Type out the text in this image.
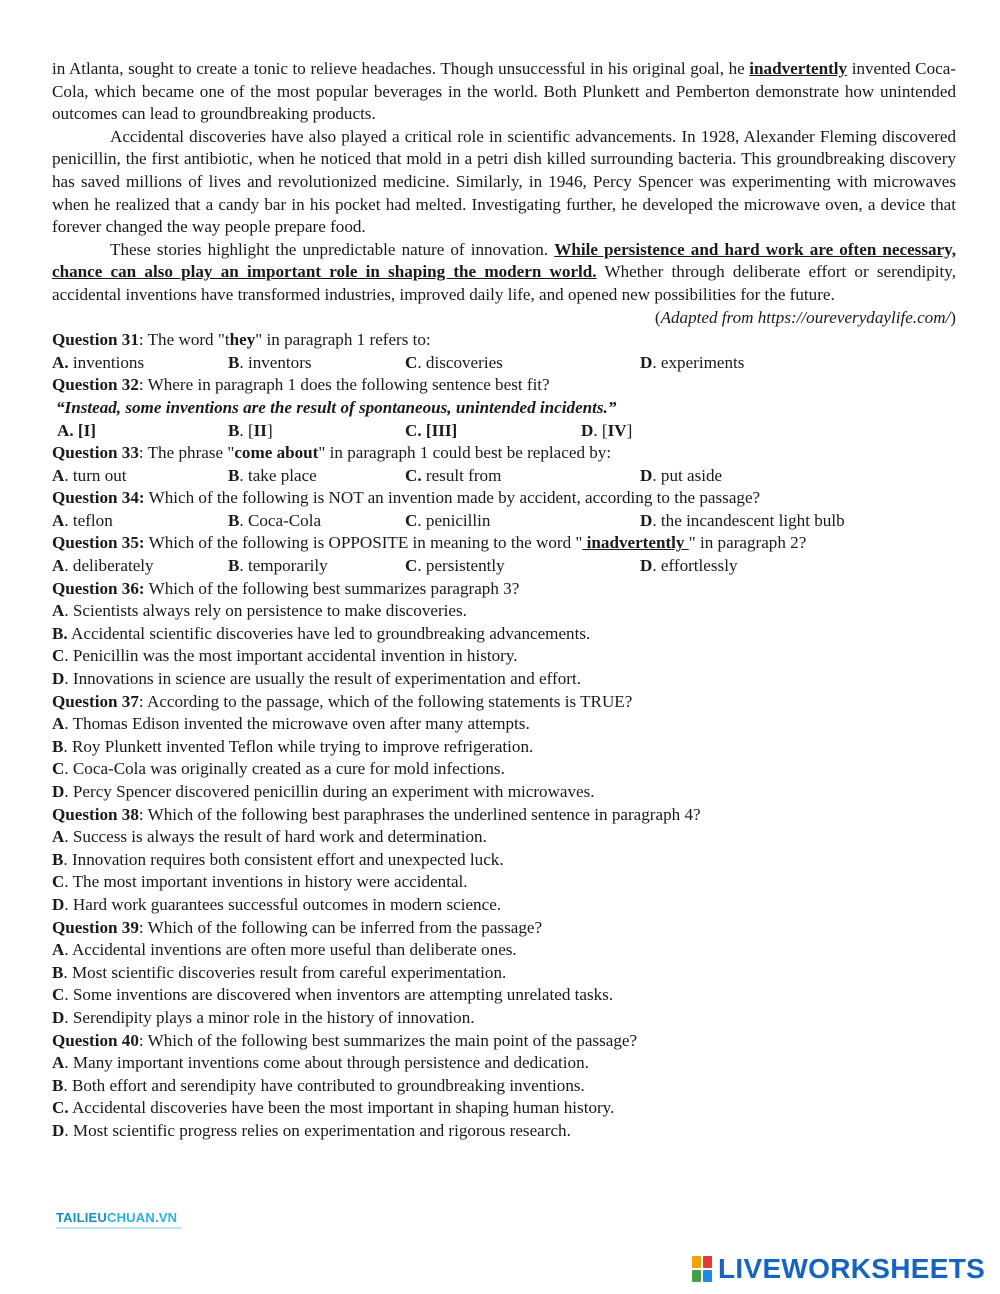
in Atlanta, sought to create a tonic to relieve headaches. Though unsuccessful in his original goal, he inadvertently invented Coca-Cola, which became one of the most popular beverages in the world. Both Plunkett and Pemberton demonstrate how unintended outcomes can lead to groundbreaking products.

Accidental discoveries have also played a critical role in scientific advancements. In 1928, Alexander Fleming discovered penicillin, the first antibiotic, when he noticed that mold in a petri dish killed surrounding bacteria. This groundbreaking discovery has saved millions of lives and revolutionized medicine. Similarly, in 1946, Percy Spencer was experimenting with microwaves when he realized that a candy bar in his pocket had melted. Investigating further, he developed the microwave oven, a device that forever changed the way people prepare food.

These stories highlight the unpredictable nature of innovation. While persistence and hard work are often necessary, chance can also play an important role in shaping the modern world. Whether through deliberate effort or serendipity, accidental inventions have transformed industries, improved daily life, and opened new possibilities for the future.

(Adapted from https://oureverydaylife.com/)

Question 31: The word "they" in paragraph 1 refers to:

A. inventions	B. inventors	C. discoveries	D. experiments

Question 32: Where in paragraph 1 does the following sentence best fit?

“Instead, some inventions are the result of spontaneous, unintended incidents.”

A. [I]	B. [II]	C. [III]	D. [IV]

Question 33: The phrase "come about" in paragraph 1 could best be replaced by:

A. turn out	B. take place	C. result from	D. put aside

Question 34: Which of the following is NOT an invention made by accident, according to the passage?

A. teflon	B. Coca-Cola	C. penicillin	D. the incandescent light bulb

Question 35: Which of the following is OPPOSITE in meaning to the word " inadvertently " in paragraph 2?

A. deliberately	B. temporarily	C. persistently	D. effortlessly

Question 36: Which of the following best summarizes paragraph 3?

A. Scientists always rely on persistence to make discoveries.

B. Accidental scientific discoveries have led to groundbreaking advancements.

C. Penicillin was the most important accidental invention in history.

D. Innovations in science are usually the result of experimentation and effort.

Question 37: According to the passage, which of the following statements is TRUE?

A. Thomas Edison invented the microwave oven after many attempts.

B. Roy Plunkett invented Teflon while trying to improve refrigeration.

C. Coca-Cola was originally created as a cure for mold infections.

D. Percy Spencer discovered penicillin during an experiment with microwaves.

Question 38: Which of the following best paraphrases the underlined sentence in paragraph 4?

A. Success is always the result of hard work and determination.

B. Innovation requires both consistent effort and unexpected luck.

C. The most important inventions in history were accidental.

D. Hard work guarantees successful outcomes in modern science.

Question 39: Which of the following can be inferred from the passage?

A. Accidental inventions are often more useful than deliberate ones.

B. Most scientific discoveries result from careful experimentation.

C. Some inventions are discovered when inventors are attempting unrelated tasks.

D. Serendipity plays a minor role in the history of innovation.

Question 40: Which of the following best summarizes the main point of the passage?

A. Many important inventions come about through persistence and dedication.

B. Both effort and serendipity have contributed to groundbreaking inventions.

C. Accidental discoveries have been the most important in shaping human history.

D. Most scientific progress relies on experimentation and rigorous research.

TAILIEUCHUAN.VN
LIVEWORKSHEETS
